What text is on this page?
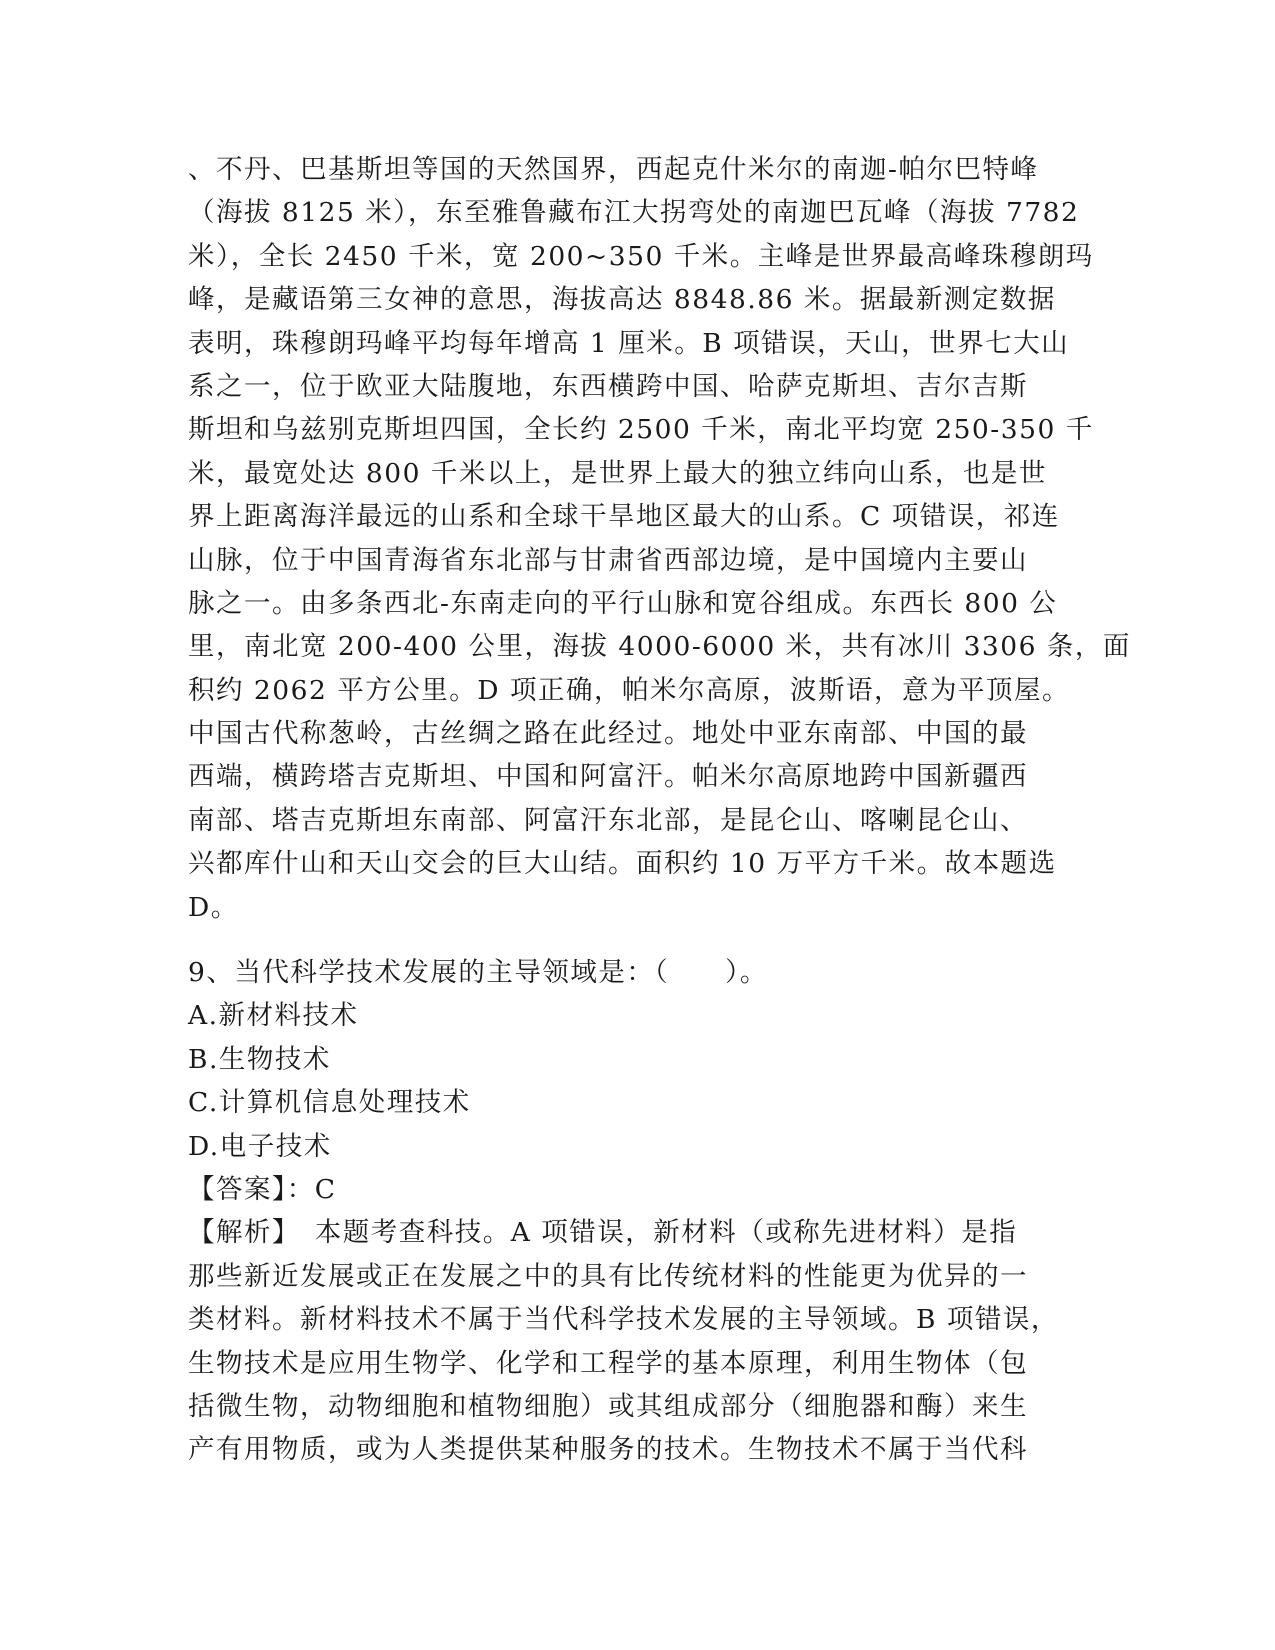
、不丹、巴基斯坦等国的天然国界，西起克什米尔的南迦-帕尔巴特峰
（海拔 8125 米），东至雅鲁藏布江大拐弯处的南迦巴瓦峰（海拔 7782
米），全长 2450 千米，宽 200~350 千米。主峰是世界最高峰珠穆朗玛
峰，是藏语第三女神的意思，海拔高达 8848.86 米。据最新测定数据
表明，珠穆朗玛峰平均每年增高 1 厘米。B 项错误，天山，世界七大山
系之一，位于欧亚大陆腹地，东西横跨中国、哈萨克斯坦、吉尔吉斯
斯坦和乌兹别克斯坦四国，全长约 2500 千米，南北平均宽 250-350 千
米，最宽处达 800 千米以上，是世界上最大的独立纬向山系，也是世
界上距离海洋最远的山系和全球干旱地区最大的山系。C 项错误，祁连
山脉，位于中国青海省东北部与甘肃省西部边境，是中国境内主要山
脉之一。由多条西北-东南走向的平行山脉和宽谷组成。东西长 800 公
里，南北宽 200-400 公里，海拔 4000-6000 米，共有冰川 3306 条，面
积约 2062 平方公里。D 项正确，帕米尔高原，波斯语，意为平顶屋。
中国古代称葱岭，古丝绸之路在此经过。地处中亚东南部、中国的最
西端，横跨塔吉克斯坦、中国和阿富汗。帕米尔高原地跨中国新疆西
南部、塔吉克斯坦东南部、阿富汗东北部，是昆仑山、喀喇昆仑山、
兴都库什山和天山交会的巨大山结。面积约 10 万平方千米。故本题选
D。
9、当代科学技术发展的主导领域是：（　　）。
A.新材料技术
B.生物技术
C.计算机信息处理技术
D.电子技术
【答案】：C
【解析】　本题考查科技。A 项错误，新材料（或称先进材料）是指
那些新近发展或正在发展之中的具有比传统材料的性能更为优异的一
类材料。新材料技术不属于当代科学技术发展的主导领域。B 项错误，
生物技术是应用生物学、化学和工程学的基本原理，利用生物体（包
括微生物，动物细胞和植物细胞）或其组成部分（细胞器和酶）来生
产有用物质，或为人类提供某种服务的技术。生物技术不属于当代科
